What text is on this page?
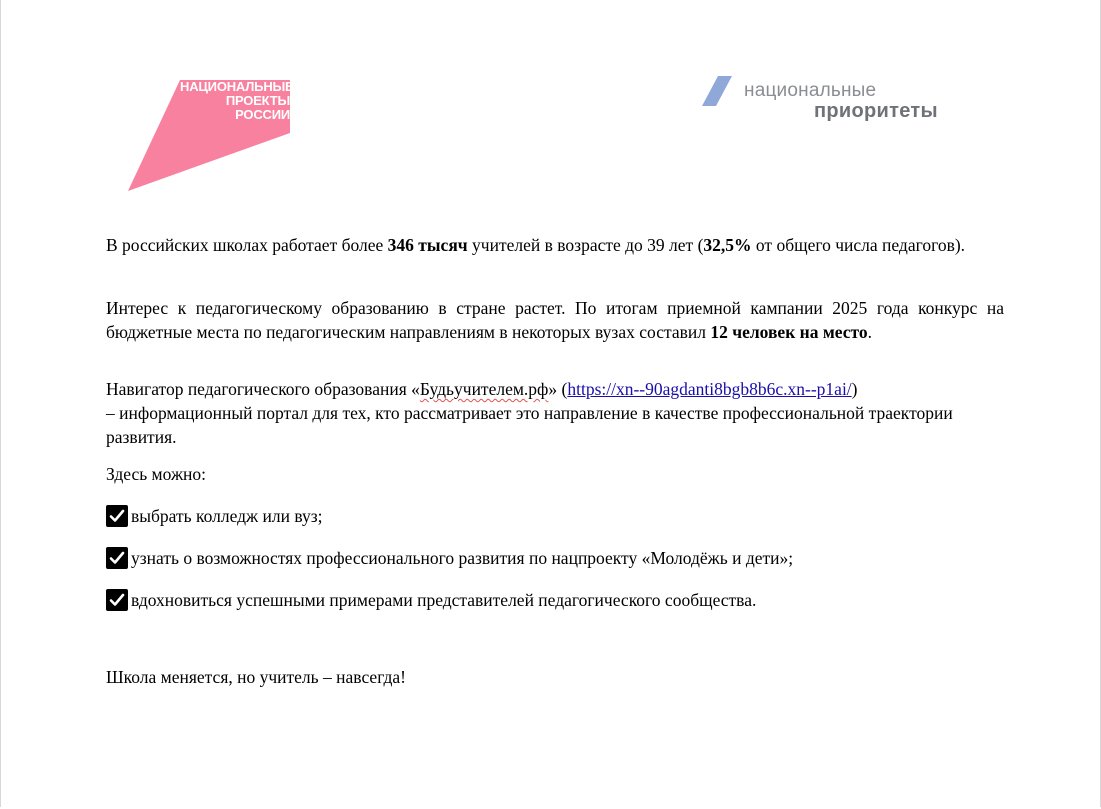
НАЦИОНАЛЬНЫЕ
ПРОЕКТЫ
РОССИИ
национальные
приоритеты

В российских школах работает более 346 тысяч учителей в возрасте до 39 лет (32,5% от общего числа педагогов).

Интерес к педагогическому образованию в стране растет. По итогам приемной кампании 2025 года конкурс на бюджетные места по педагогическим направлениям в некоторых вузах составил 12 человек на место.

Навигатор педагогического образования «Будьучителем.рф» (https://xn--90agdanti8bgb8b6c.xn--p1ai/)
– информационный портал для тех, кто рассматривает это направление в качестве профессиональной траектории развития.

Здесь можно:

выбрать колледж или вуз;
узнать о возможностях профессионального развития по нацпроекту «Молодёжь и дети»;
вдохновиться успешными примерами представителей педагогического сообщества.

Школа меняется, но учитель – навсегда!
